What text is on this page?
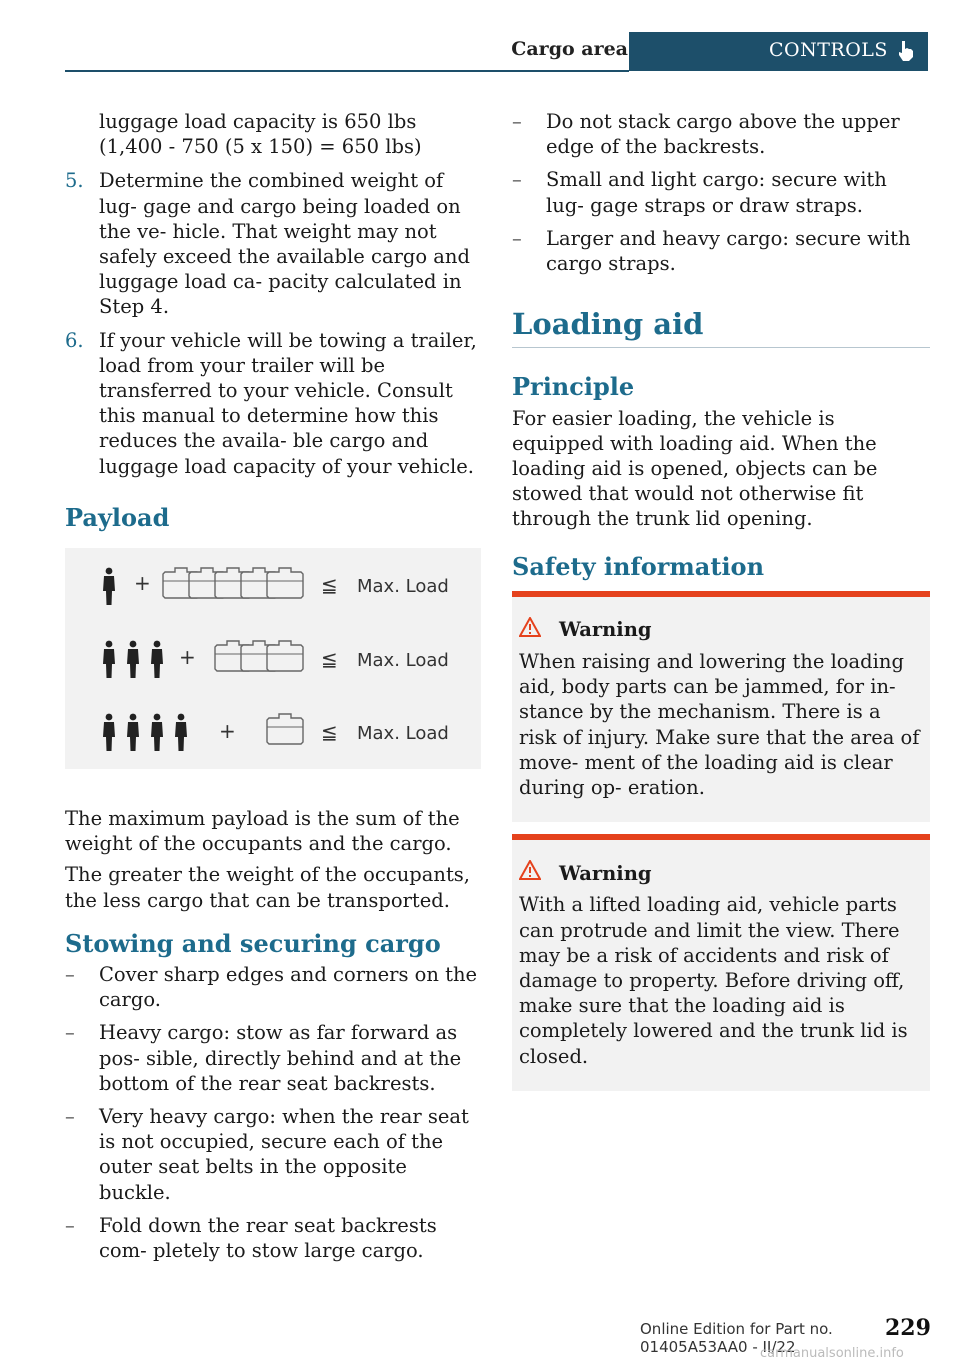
Cargo area	CONTROLS

luggage load capacity is 650 lbs (1,400 - 750 (5 x 150) = 650 lbs)

5. Determine the combined weight of lug‐ gage and cargo being loaded on the ve‐ hicle. That weight may not safely exceed the available cargo and luggage load ca‐ pacity calculated in Step 4.
6. If your vehicle will be towing a trailer, load from your trailer will be transferred to your vehicle. Consult this manual to determine how this reduces the availa‐ ble cargo and luggage load capacity of your vehicle.
Payload
+	≦ Max. Load
+	≦ Max. Load
+	≦ Max. Load

The maximum payload is the sum of the weight of the occupants and the cargo.

The greater the weight of the occupants, the less cargo that can be transported.

Stowing and securing cargo
–	Cover sharp edges and corners on the cargo.
–	Heavy cargo: stow as far forward as pos‐ sible, directly behind and at the bottom of the rear seat backrests.
–	Very heavy cargo: when the rear seat is not occupied, secure each of the outer seat belts in the opposite buckle.
–	Fold down the rear seat backrests com‐ pletely to stow large cargo.
–	Do not stack cargo above the upper edge of the backrests.
–	Small and light cargo: secure with lug‐ gage straps or draw straps.
–	Larger and heavy cargo: secure with cargo straps.
Loading aid
Principle

For easier loading, the vehicle is equipped with loading aid. When the loading aid is opened, objects can be stowed that would not otherwise fit through the trunk lid opening.

Safety information
Warning

When raising and lowering the loading aid, body parts can be jammed, for in‐ stance by the mechanism. There is a risk of injury. Make sure that the area of move‐ ment of the loading aid is clear during op‐ eration.

Warning

With a lifted loading aid, vehicle parts can protrude and limit the view. There may be a risk of accidents and risk of damage to property. Before driving off, make sure that the loading aid is completely lowered and the trunk lid is closed.

229
Online Edition for Part no. 01405A53AA0 - II/22
carmanualsonline.info
